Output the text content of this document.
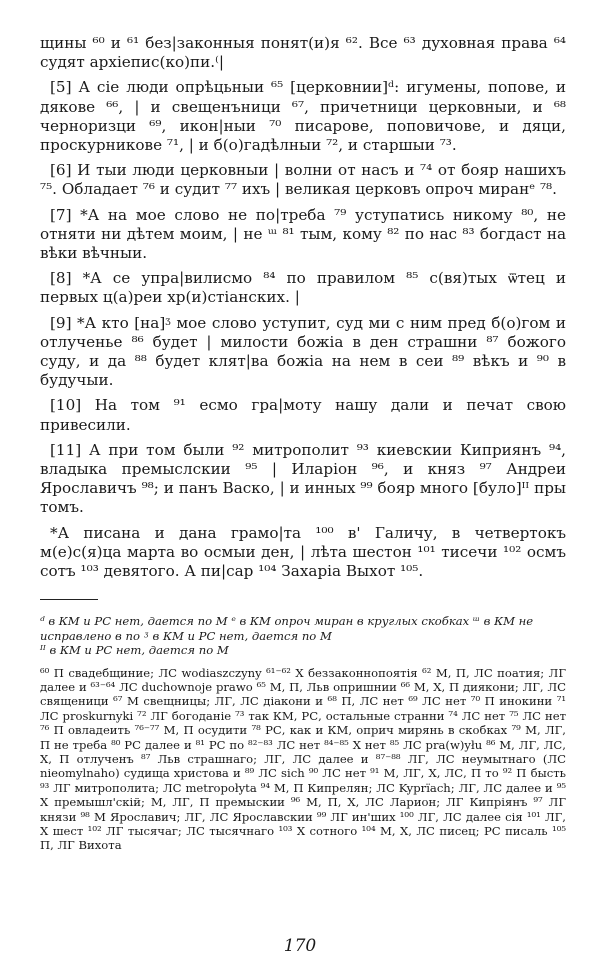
щины ⁶⁰ и ⁶¹ без|законныя понят(и)я ⁶². Все ⁶³ духовная права ⁶⁴ судят архіепис(ко)пи.⁽|

[5] А сіе люди опрѣцьныи ⁶⁵ [церковнии]ᵈ: игумены, попове, и дякове ⁶⁶, | и свещенъници ⁶⁷, причетници церковныи, и ⁶⁸ черноризци ⁶⁹, икон|ныи ⁷⁰ писарове, поповичове, и дяци, проскурникове ⁷¹, | и б(о)гадѣлныи ⁷², и старшыи ⁷³.

[6] И тыи люди церковныи | волни от насъ и ⁷⁴ от бояр нашихъ ⁷⁵. Обладает ⁷⁶ и судит ⁷⁷ ихъ | великая церковъ опроч миранᵉ ⁷⁸.

[7] *А на мое слово не по|треба ⁷⁹ уступатись никому ⁸⁰, не отняти ни дѣтем моим, | не ᵚ ⁸¹ тым, кому ⁸² по нас ⁸³ богдаст на вѣки вѣчныи.

[8] *А се упра|вилисмо ⁸⁴ по правилом ⁸⁵ с(вя)тых ѿтец и первых ц(а)реи хр(и)стіанских. |

[9] *А кто [на]ᶾ мое слово уступит, суд ми с ним пред б(о)гом и отлученье ⁸⁶ будет | милости божіа в ден страшни ⁸⁷ божого суду, и да ⁸⁸ будет клят|ва божіа на нем в сеи ⁸⁹ вѣкъ и ⁹⁰ в будучыи.

[10] На том ⁹¹ есмо гра|моту нашу дали и печат свою привесили.

[11] А при том были ⁹² митрополит ⁹³ киевскии Киприянъ ⁹⁴, владыка премыслскии ⁹⁵ | Иларіон ⁹⁶, и княз ⁹⁷ Андреи Ярославичъ ⁹⁸; и панъ Васко, | и инных ⁹⁹ бояр много [було]ᴵᴵ пры томъ.

*А писана и дана грамо|та ¹⁰⁰ в' Галичу, в четвертокъ м(е)с(я)ца марта во осмыи ден, | лѣта шестон ¹⁰¹ тисечи ¹⁰² осмъ сотъ ¹⁰³ девятого. А пи|сар ¹⁰⁴ Захарiа Выхот ¹⁰⁵.

ᵈ в КМ и РС нет, дается по М ᵉ в КМ опроч миран в круглых скобках ᵚ в КМ не исправлено в по ᶾ в КМ и РС нет, дается по М

ᴵᴵ в КМ и РС нет, дается по М

⁶⁰ П свадебщиние; ЛС wodiaszczyny ⁶¹⁻⁶² Х беззаконнопоятія ⁶² М, П, ЛС поатия; ЛГ далее и ⁶³⁻⁶⁴ ЛС duchownoje prawo ⁶⁵ М, П, Льв опришнии ⁶⁶ М, Х, П диякони; ЛГ, ЛС священици ⁶⁷ М свещницы; ЛГ, ЛС діакони и ⁶⁸ П, ЛС нет ⁶⁹ ЛС нет ⁷⁰ П инокини ⁷¹ ЛС proskurnyki ⁷² ЛГ богоданіе ⁷³ так КМ, РС, остальные странни ⁷⁴ ЛС нет ⁷⁵ ЛС нет ⁷⁶ П овладеить ⁷⁶⁻⁷⁷ М, П осудити ⁷⁸ РС, как и КМ, оприч мирянь в скобках ⁷⁹ М, ЛГ, П не треба ⁸⁰ РС далее и ⁸¹ РС по ⁸²⁻⁸³ ЛС нет ⁸⁴⁻⁸⁵ Х нет ⁸⁵ ЛС pra(w)yłu ⁸⁶ М, ЛГ, ЛС, Х, П отлученъ ⁸⁷ Льв страшнаго; ЛГ, ЛС далее и ⁸⁷⁻⁸⁸ ЛГ, ЛС неумытнаго (ЛС nieomylnaho) судища христова и ⁸⁹ ЛС sich ⁹⁰ ЛС нет ⁹¹ М, ЛГ, Х, ЛС, П то ⁹² П бысть ⁹³ ЛГ митрополита; ЛС metropołyta ⁹⁴ М, П Кипрелян; ЛС Kyprïach; ЛГ, ЛС далее и ⁹⁵ Х премышл'скій; М, ЛГ, П премыскии ⁹⁶ М, П, Х, ЛС Ларион; ЛГ Кипріянъ ⁹⁷ ЛГ князи ⁹⁸ М Ярославич; ЛГ, ЛС Ярославскии ⁹⁹ ЛГ ин'ших ¹⁰⁰ ЛГ, ЛС далее сія ¹⁰¹ ЛГ, Х шест ¹⁰² ЛГ тысячаг; ЛС тысячнаго ¹⁰³ Х сотного ¹⁰⁴ М, Х, ЛС писец; РС писаль ¹⁰⁵ П, ЛГ Вихота

170
